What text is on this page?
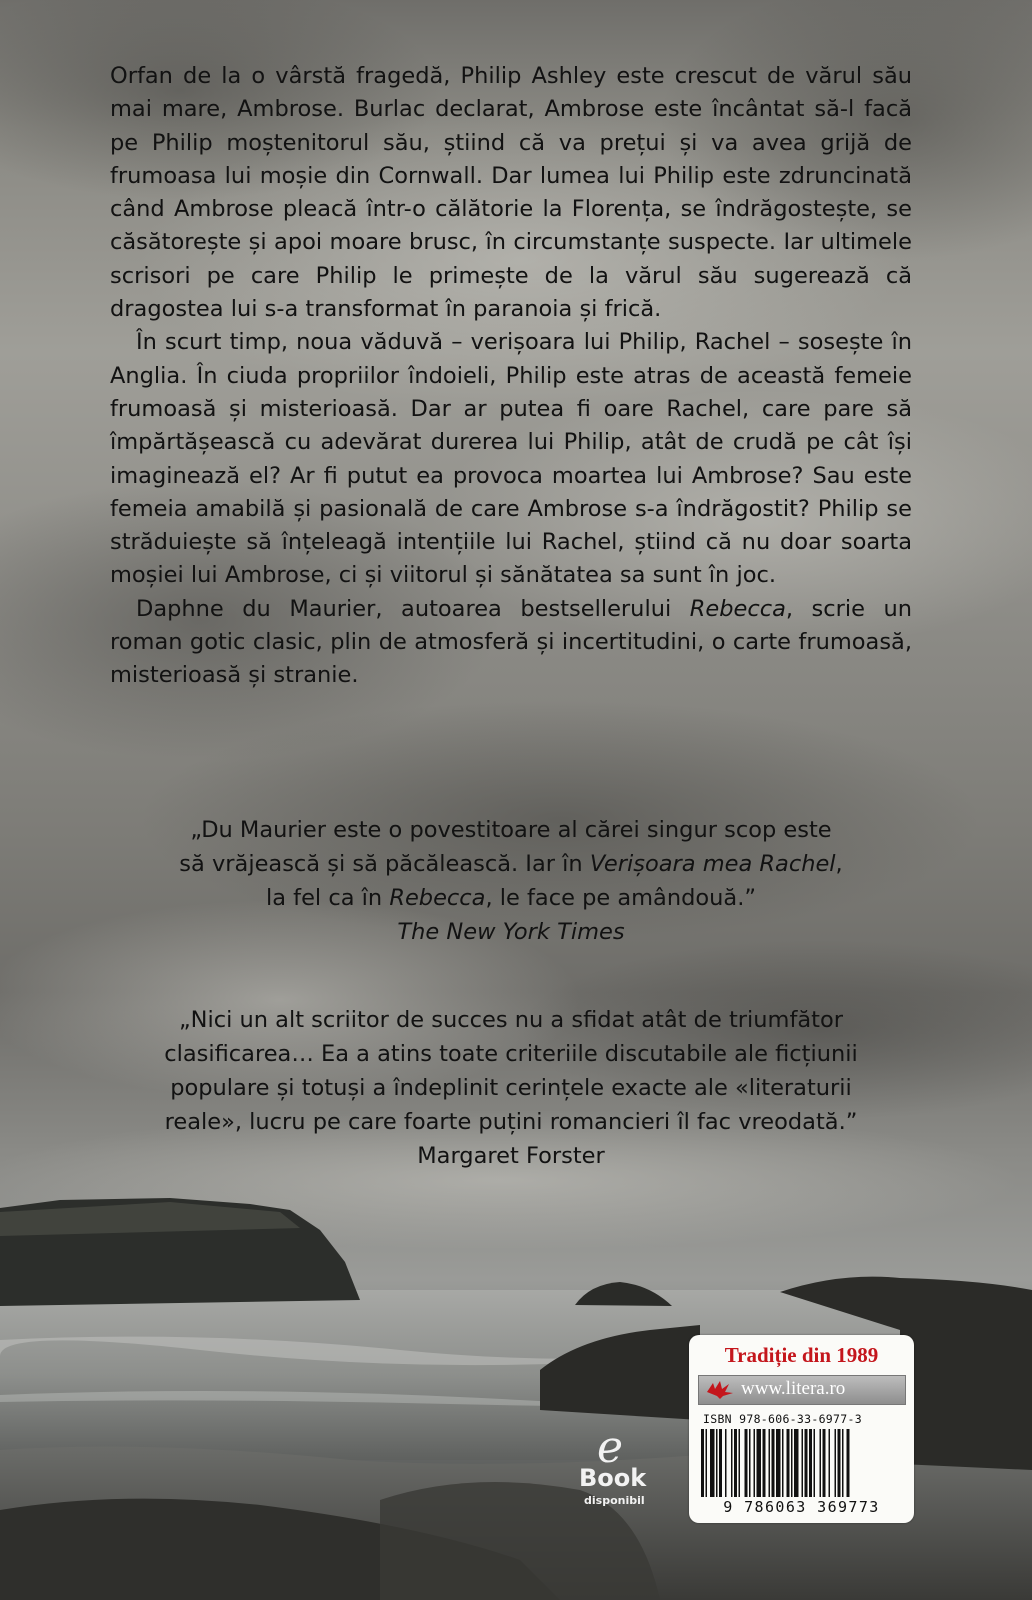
Orfan de la o vârstă fragedă, Philip Ashley este crescut de vărul său mai mare, Ambrose. Burlac declarat, Ambrose este încântat să-l facă pe Philip moștenitorul său, știind că va prețui și va avea grijă de frumoasa lui moșie din Cornwall. Dar lumea lui Philip este zdruncinată când Ambrose pleacă într-o călătorie la Florența, se îndrăgostește, se căsătorește și apoi moare brusc, în circumstanțe suspecte. Iar ultimele scrisori pe care Philip le primește de la vărul său sugerează că dragostea lui s-a transformat în paranoia și frică.

În scurt timp, noua văduvă – verișoara lui Philip, Rachel – sosește în Anglia. În ciuda propriilor îndoieli, Philip este atras de această femeie frumoasă și misterioasă. Dar ar putea fi oare Rachel, care pare să împărtășească cu adevărat durerea lui Philip, atât de crudă pe cât își imaginează el? Ar fi putut ea provoca moartea lui Ambrose? Sau este femeia amabilă și pasională de care Ambrose s-a îndrăgostit? Philip se străduiește să înțeleagă intențiile lui Rachel, știind că nu doar soarta moșiei lui Ambrose, ci și viitorul și sănătatea sa sunt în joc.

Daphne du Maurier, autoarea bestsellerului Rebecca, scrie un roman gotic clasic, plin de atmosferă și incertitudini, o carte frumoasă, misterioasă și stranie.

„Du Maurier este o povestitoare al cărei singur scop este
să vrăjească și să păcălească. Iar în Verișoara mea Rachel,
la fel ca în Rebecca, le face pe amândouă.”
The New York Times
„Nici un alt scriitor de succes nu a sfidat atât de triumfător
clasificarea… Ea a atins toate criteriile discutabile ale ficțiunii
populare și totuși a îndeplinit cerințele exacte ale «literaturii
reale», lucru pe care foarte puțini romancieri îl fac vreodată.”
Margaret Forster
e
Book
disponibil
Tradiție din 1989
www.litera.ro
ISBN 978-606-33-6977-3
9 786063 369773
